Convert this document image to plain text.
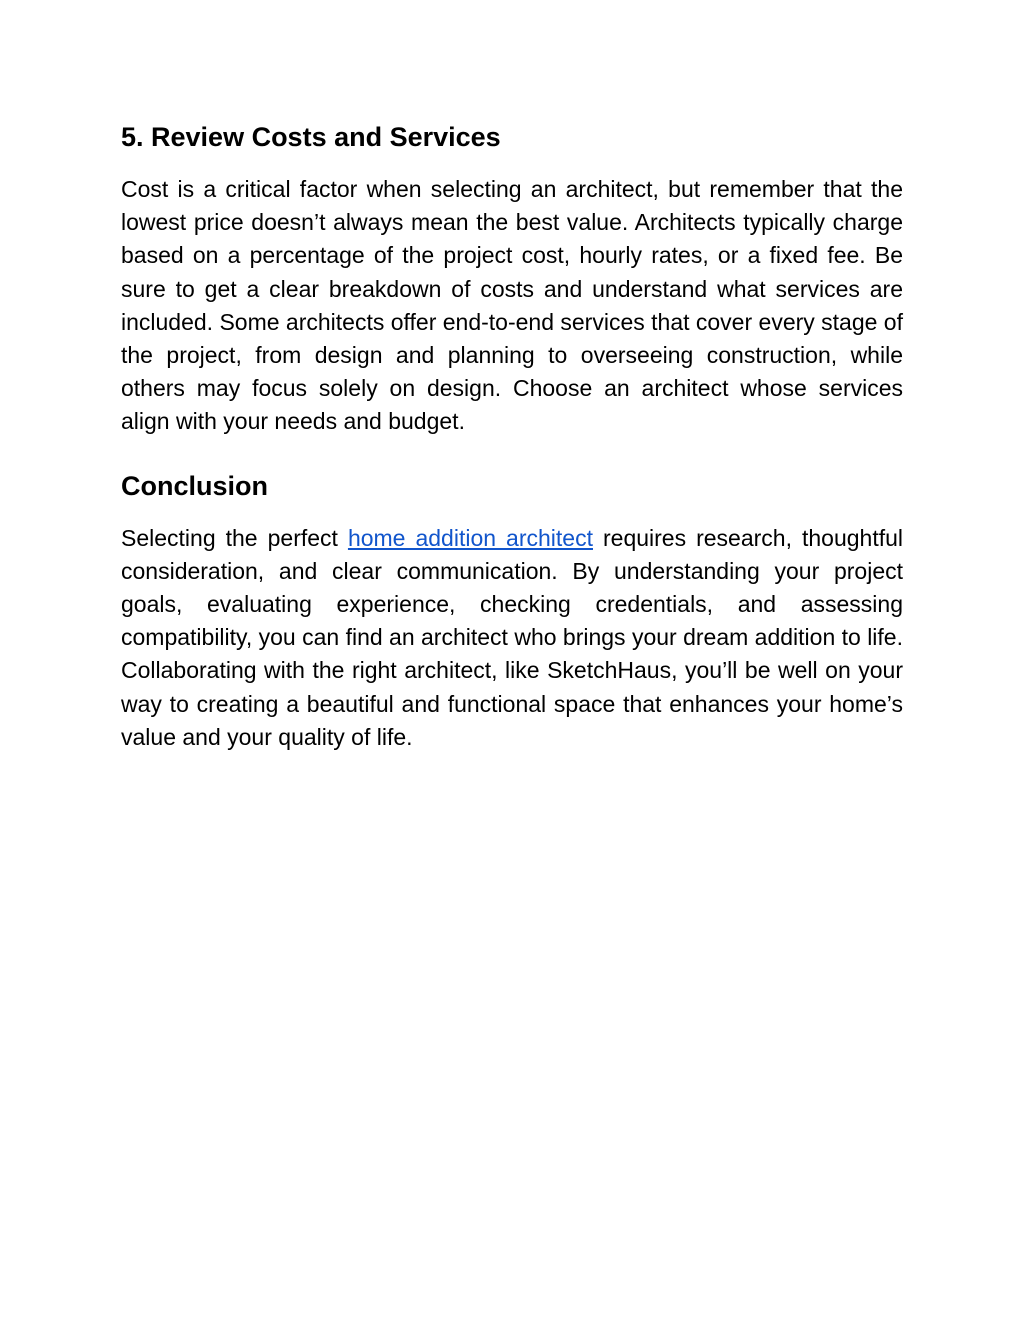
5. Review Costs and Services

Cost is a critical factor when selecting an architect, but remember that the lowest price doesn’t always mean the best value. Architects typically charge based on a percentage of the project cost, hourly rates, or a fixed fee. Be sure to get a clear breakdown of costs and understand what services are included. Some architects offer end-to-end services that cover every stage of the project, from design and planning to overseeing construction, while others may focus solely on design. Choose an architect whose services align with your needs and budget.

Conclusion

Selecting the perfect home addition architect requires research, thoughtful consideration, and clear communication. By understanding your project goals, evaluating experience, checking credentials, and assessing compatibility, you can find an architect who brings your dream addition to life. Collaborating with the right architect, like SketchHaus, you’ll be well on your way to creating a beautiful and functional space that enhances your home’s value and your quality of life.
